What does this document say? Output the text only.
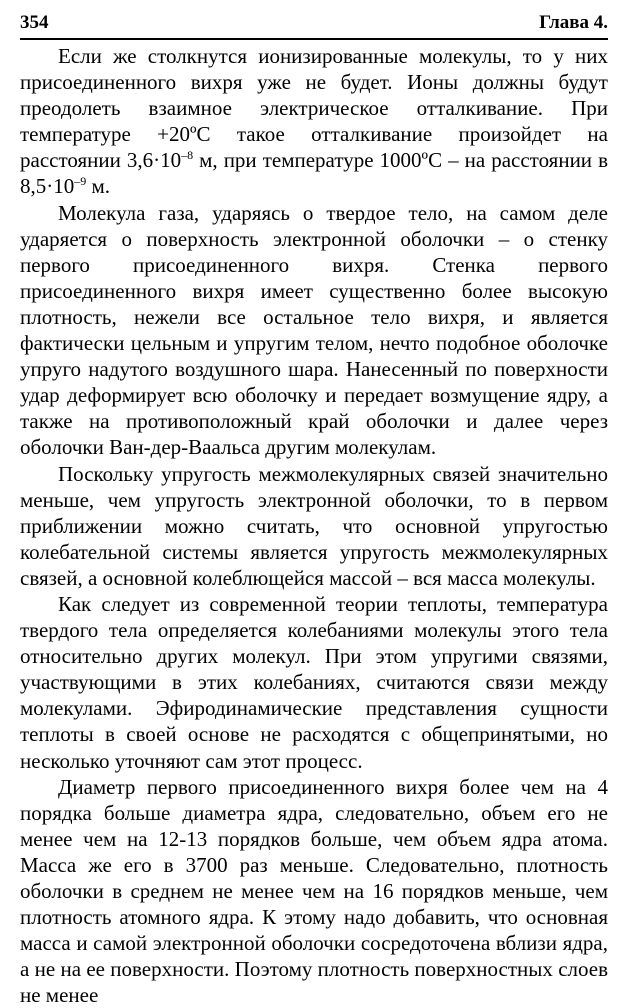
354	Глава 4.

Если же столкнутся ионизированные молекулы, то у них присоединенного вихря уже не будет. Ионы должны будут преодолеть взаимное электрическое отталкивание. При температуре +20ºС такое отталкивание произойдет на расстоянии $3,6\cdot 10^{-8}$ м, при температуре 1000ºС – на расстоянии в $8,5\cdot 10^{-9}$ м.

Молекула газа, ударяясь о твердое тело, на самом деле ударяется о поверхность электронной оболочки – о стенку первого присоединенного вихря. Стенка первого присоединенного вихря имеет существенно более высокую плотность, нежели все остальное тело вихря, и является фактически цельным и упругим телом, нечто подобное оболочке упруго надутого воздушного шара. Нанесенный по поверхности удар деформирует всю оболочку и передает возмущение ядру, а также на противоположный край оболочки и далее через оболочки Ван-дер-Ваальса другим молекулам.

Поскольку упругость межмолекулярных связей значительно меньше, чем упругость электронной оболочки, то в первом приближении можно считать, что основной упругостью колебательной системы является упругость межмолекулярных связей, а основной колеблющейся массой – вся масса молекулы.

Как следует из современной теории теплоты, температура твердого тела определяется колебаниями молекулы этого тела относительно других молекул. При этом упругими связями, участвующими в этих колебаниях, считаются связи между молекулами. Эфиродинамические представления сущности теплоты в своей основе не расходятся с общепринятыми, но несколько уточняют сам этот процесс.

Диаметр первого присоединенного вихря более чем на 4 порядка больше диаметра ядра, следовательно, объем его не менее чем на 12-13 порядков больше, чем объем ядра атома. Масса же его в 3700 раз меньше. Следовательно, плотность оболочки в среднем не менее чем на 16 порядков меньше, чем плотность атомного ядра. К этому надо добавить, что основная масса и самой электронной оболочки сосредоточена вблизи ядра, а не на ее поверхности. Поэтому плотность поверхностных слоев не менее
